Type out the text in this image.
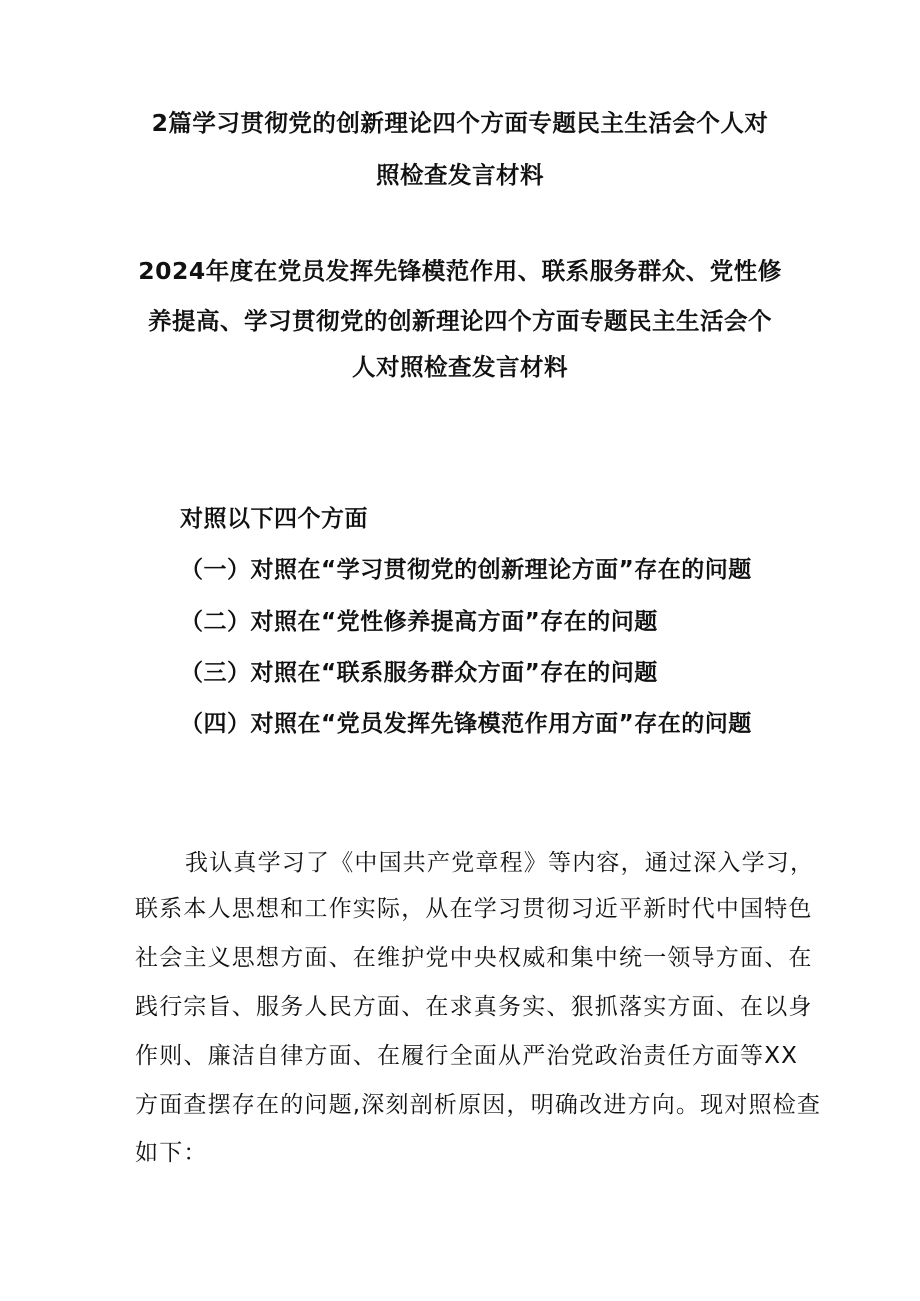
2篇学习贯彻党的创新理论四个方面专题民主生活会个人对
照检查发言材料
2024年度在党员发挥先锋模范作用、联系服务群众、党性修
养提高、学习贯彻党的创新理论四个方面专题民主生活会个
人对照检查发言材料
对照以下四个方面
（一）对照在“学习贯彻党的创新理论方面”存在的问题
（二）对照在“党性修养提高方面”存在的问题
（三）对照在“联系服务群众方面”存在的问题
（四）对照在“党员发挥先锋模范作用方面”存在的问题
我认真学习了《中国共产党章程》等内容，通过深入学习，
联系本人思想和工作实际，从在学习贯彻习近平新时代中国特色
社会主义思想方面、在维护党中央权威和集中统一领导方面、在
践行宗旨、服务人民方面、在求真务实、狠抓落实方面、在以身
作则、廉洁自律方面、在履行全面从严治党政治责任方面等XX
方面查摆存在的问题,深刻剖析原因，明确改进方向。现对照检查
如下：
